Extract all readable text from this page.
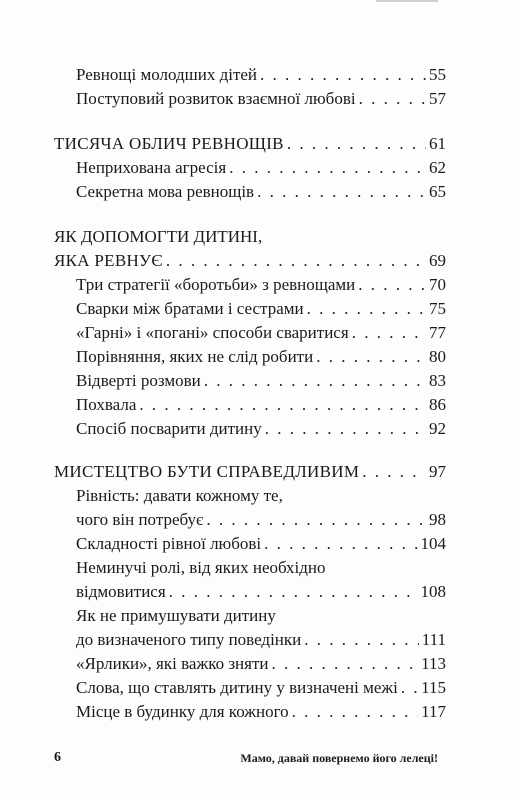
Ревнощі молодших дітей . . .	55
Поступовий розвиток взаємної любові . . .	57
ТИСЯЧА ОБЛИЧ РЕВНОЩІВ . . .	61
Неприхована агресія . . .	62
Секретна мова ревнощів . . .	65
ЯК ДОПОМОГТИ ДИТИНІ,
ЯКА РЕВНУЄ . . .	69
Три стратегії «боротьби» з ревнощами . . .	70
Сварки між братами і сестрами . . .	75
«Гарні» і «погані» способи сваритися . . .	77
Порівняння, яких не слід робити . . .	80
Відверті розмови . . .	83
Похвала . . .	86
Спосіб посварити дитину . . .	92
МИСТЕЦТВО БУТИ СПРАВЕДЛИВИМ . . .	97
Рівність: давати кожному те,
чого він потребує . . .	98
Складності рівної любові . . .	104
Неминучі ролі, від яких необхідно
відмовитися . . .	108
Як не примушувати дитину
до визначеного типу поведінки . . .	111
«Ярлики», які важко зняти . . .	113
Слова, що ставлять дитину у визначені межі . . . 115
Місце в будинку для кожного . . .	117
6	Мамо, давай повернемо його лелеці!
